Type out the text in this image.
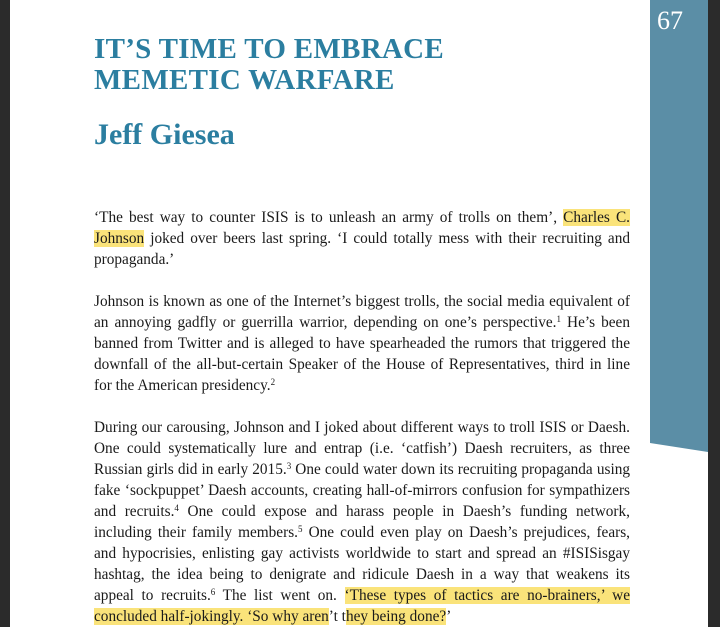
67
IT’S TIME TO EMBRACE
MEMETIC WARFARE
Jeff Giesea

‘The best way to counter ISIS is to unleash an army of trolls on them’, Charles C. Johnson joked over beers last spring. ‘I could totally mess with their recruiting and propaganda.’

Johnson is known as one of the Internet’s biggest trolls, the social media equivalent of an annoying gadfly or guerrilla warrior, depending on one’s perspective.$^1$ He’s been banned from Twitter and is alleged to have spearheaded the rumors that triggered the downfall of the all-but-certain Speaker of the House of Representatives, third in line for the American presidency.$^2$

During our carousing, Johnson and I joked about different ways to troll ISIS or Daesh. One could systematically lure and entrap (i.e. ‘catfish’) Daesh recruiters, as three Russian girls did in early 2015.$^3$ One could water down its recruiting propaganda using fake ‘sockpuppet’ Daesh accounts, creating hall-of-mirrors confusion for sympathizers and recruits.$^4$ One could expose and harass people in Daesh’s funding network, including their family members.$^5$ One could even play on Daesh’s prejudices, fears, and hypocrisies, enlisting gay activists worldwide to start and spread an #ISISisgay hashtag, the idea being to denigrate and ridicule Daesh in a way that weakens its appeal to recruits.$^6$ The list went on. ‘These types of tactics are no-brainers,’ we concluded half-jokingly. ‘So why aren’t they being done?’
